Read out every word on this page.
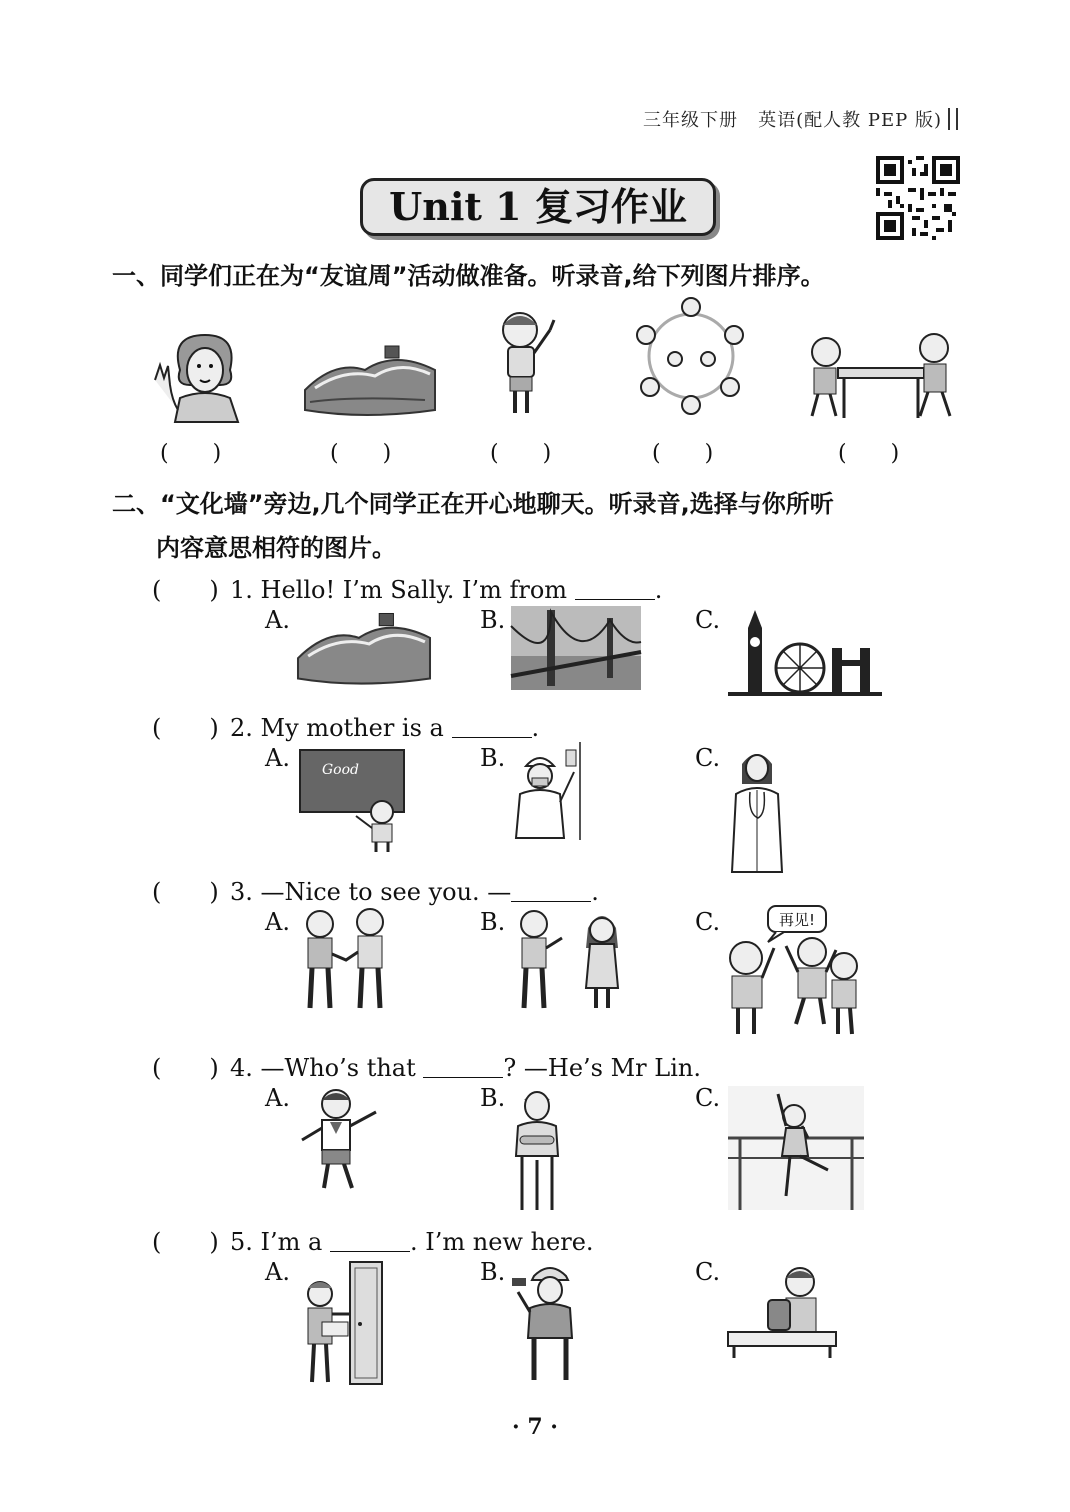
三年级下册 英语(配人教 PEP 版)
Unit 1 复习作业
一、同学们正在为“友谊周”活动做准备。听录音,给下列图片排序。
(　　)	(　　)	(　　)	(　　)	(　　)
二、“文化墙”旁边,几个同学正在开心地聊天。听录音,选择与你所听
内容意思相符的图片。
(　　) 1. Hello! I’m Sally. I’m from	.
A.	B.	C.
(　　) 2. My mother is a	.
A.	B.	C.
Good
(　　) 3. —Nice to see you. —	.
A.	B.	C.	再见!
(　　) 4. —Who’s that	? —He’s Mr Lin.
A.	B.	C.
(　　) 5. I’m a	. I’m new here.
A.	B.	C.
· 7 ·
